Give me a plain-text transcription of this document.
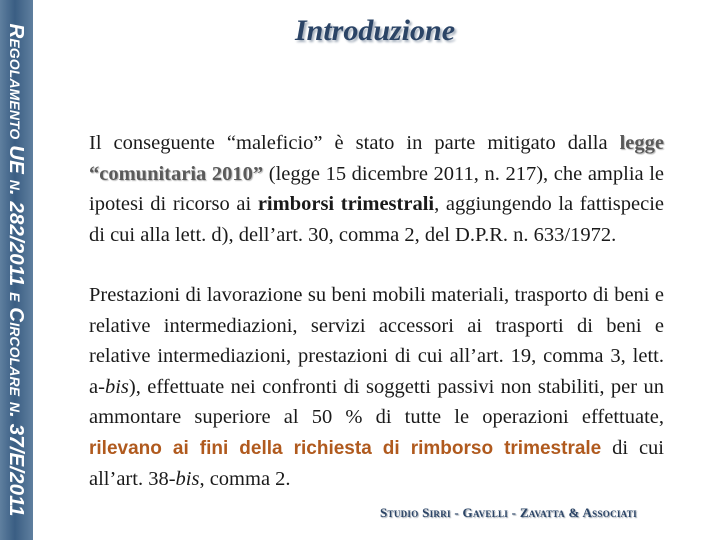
Regolamento UE n. 282/2011 e Circolare n. 37/E/2011	Introduzione

Il conseguente “maleficio” è stato in parte mitigato dalla legge “comunitaria 2010” (legge 15 dicembre 2011, n. 217), che amplia le ipotesi di ricorso ai rimborsi trimestrali, aggiungendo la fattispecie di cui alla lett. d), dell’art. 30, comma 2, del D.P.R. n. 633/1972.

Prestazioni di lavorazione su beni mobili materiali, trasporto di beni e relative intermediazioni, servizi accessori ai trasporti di beni e relative intermediazioni, prestazioni di cui all’art. 19, comma 3, lett. a-bis), effettuate nei confronti di soggetti passivi non stabiliti, per un ammontare superiore al 50 % di tutte le operazioni effettuate, rilevano ai fini della richiesta di rimborso trimestrale di cui all’art. 38-bis, comma 2.

Studio Sirri - Gavelli - Zavatta & Associati
